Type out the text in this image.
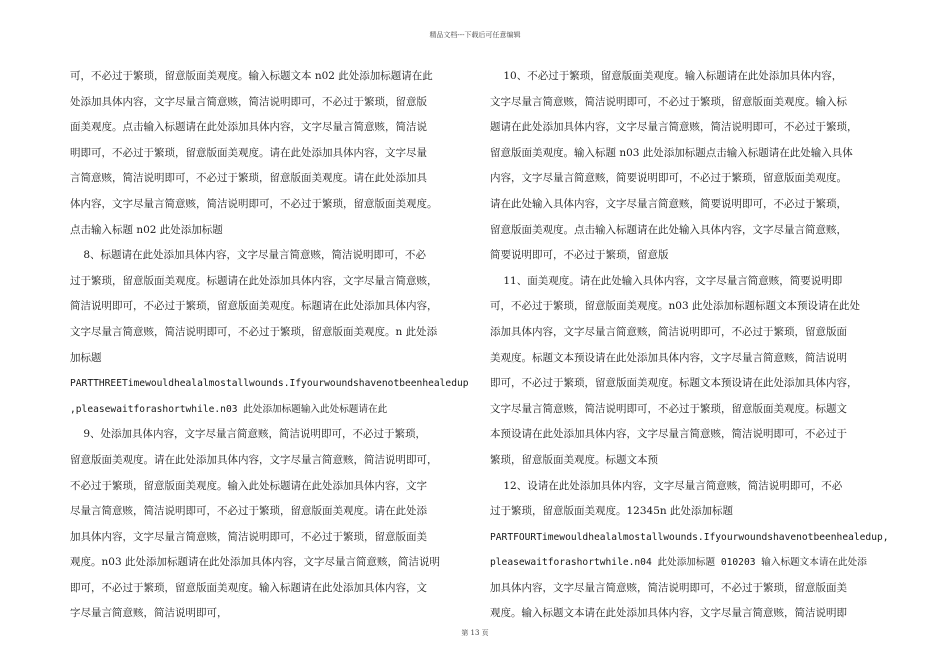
精品文档---下载后可任意编辑

可，不必过于繁琐，留意版面美观度。输入标题文本 n02 此处添加标题请在此

处添加具体内容，文字尽量言简意赅，简洁说明即可，不必过于繁琐，留意版

面美观度。点击输入标题请在此处添加具体内容，文字尽量言简意赅，简洁说

明即可，不必过于繁琐，留意版面美观度。请在此处添加具体内容，文字尽量

言简意赅，简洁说明即可，不必过于繁琐，留意版面美观度。请在此处添加具

体内容，文字尽量言简意赅，简洁说明即可，不必过于繁琐，留意版面美观度。

点击输入标题 n02 此处添加标题

8、标题请在此处添加具体内容，文字尽量言简意赅，简洁说明即可，不必

过于繁琐，留意版面美观度。标题请在此处添加具体内容，文字尽量言简意赅，

简洁说明即可，不必过于繁琐，留意版面美观度。标题请在此处添加具体内容，

文字尽量言简意赅，简洁说明即可，不必过于繁琐，留意版面美观度。n 此处添

加标题

PARTTHREETimewouldhealalmostallwounds.Ifyourwoundshavenotbeenhealedup

,pleasewaitforashortwhile.n03 此处添加标题输入此处标题请在此

9、处添加具体内容，文字尽量言简意赅，简洁说明即可，不必过于繁琐，

留意版面美观度。请在此处添加具体内容，文字尽量言简意赅，简洁说明即可，

不必过于繁琐，留意版面美观度。输入此处标题请在此处添加具体内容，文字

尽量言简意赅，简洁说明即可，不必过于繁琐，留意版面美观度。请在此处添

加具体内容，文字尽量言简意赅，简洁说明即可，不必过于繁琐，留意版面美

观度。n03 此处添加标题请在此处添加具体内容，文字尽量言简意赅，简洁说明

即可，不必过于繁琐，留意版面美观度。输入标题请在此处添加具体内容，文

字尽量言简意赅，简洁说明即可，

10、不必过于繁琐，留意版面美观度。输入标题请在此处添加具体内容，

文字尽量言简意赅，简洁说明即可，不必过于繁琐，留意版面美观度。输入标

题请在此处添加具体内容，文字尽量言简意赅，简洁说明即可，不必过于繁琐，

留意版面美观度。输入标题 n03 此处添加标题点击输入标题请在此处输入具体

内容，文字尽量言简意赅，简要说明即可，不必过于繁琐，留意版面美观度。

请在此处输入具体内容，文字尽量言简意赅，简要说明即可，不必过于繁琐，

留意版面美观度。点击输入标题请在此处输入具体内容，文字尽量言简意赅，

简要说明即可，不必过于繁琐，留意版

11、面美观度。请在此处输入具体内容，文字尽量言简意赅，简要说明即

可，不必过于繁琐，留意版面美观度。n03 此处添加标题标题文本预设请在此处

添加具体内容，文字尽量言简意赅，简洁说明即可，不必过于繁琐，留意版面

美观度。标题文本预设请在此处添加具体内容，文字尽量言简意赅，简洁说明

即可，不必过于繁琐，留意版面美观度。标题文本预设请在此处添加具体内容，

文字尽量言简意赅，简洁说明即可，不必过于繁琐，留意版面美观度。标题文

本预设请在此处添加具体内容，文字尽量言简意赅，简洁说明即可，不必过于

繁琐，留意版面美观度。标题文本预

12、设请在此处添加具体内容，文字尽量言简意赅，简洁说明即可，不必

过于繁琐，留意版面美观度。12345n 此处添加标题

PARTFOURTimewouldhealalmostallwounds.Ifyourwoundshavenotbeenhealedup,

pleasewaitforashortwhile.n04 此处添加标题 010203 输入标题文本请在此处添

加具体内容，文字尽量言简意赅，简洁说明即可，不必过于繁琐，留意版面美

观度。输入标题文本请在此处添加具体内容，文字尽量言简意赅，简洁说明即

第 13 页
